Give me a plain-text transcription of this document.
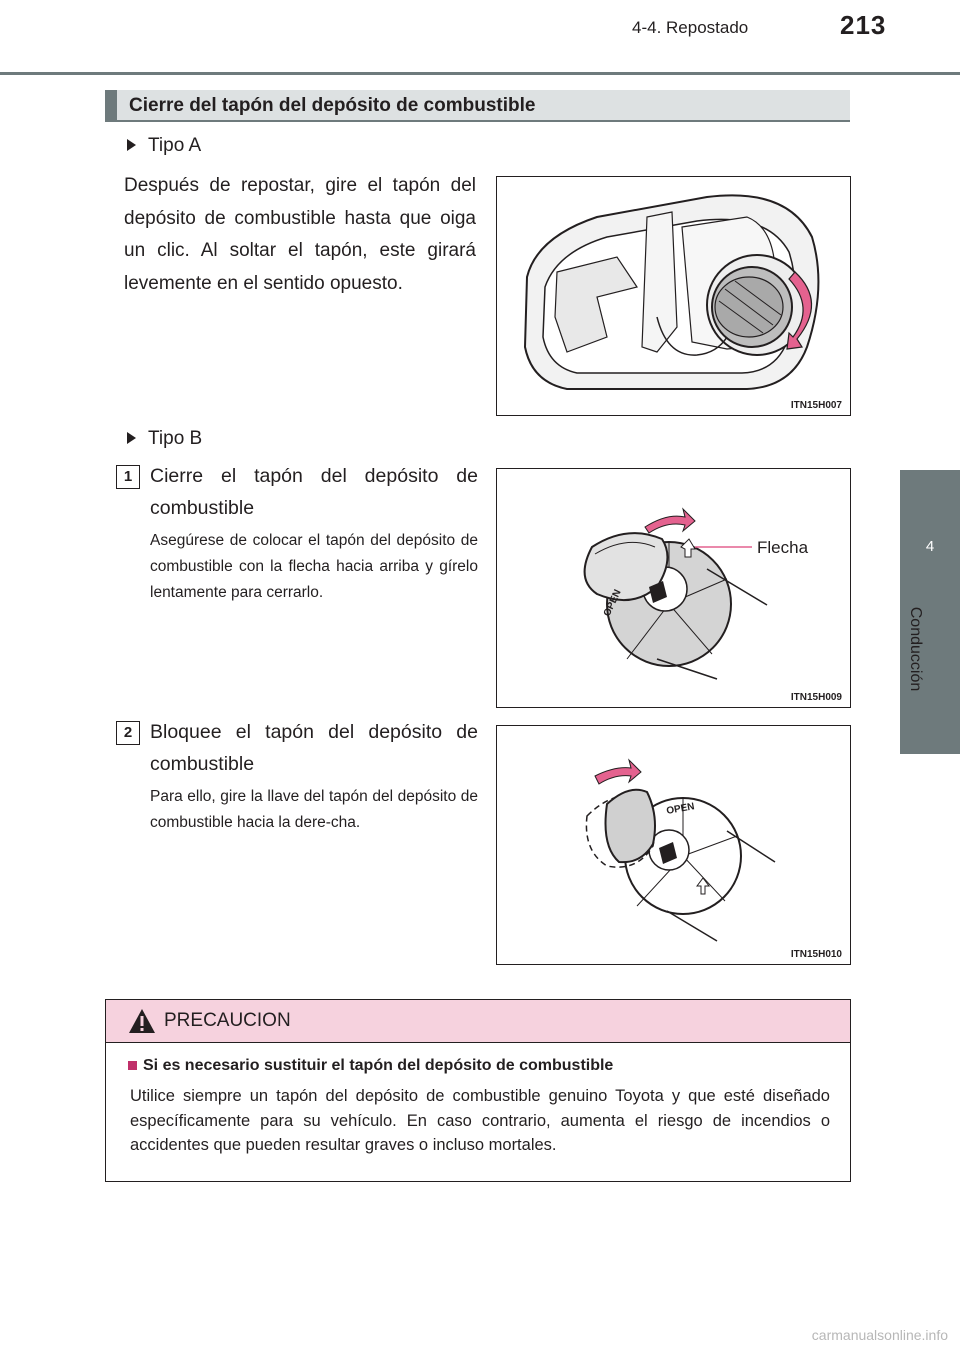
4-4. Repostado	213
4
Conducción
Cierre del tapón del depósito de combustible
Tipo A
Después de repostar, gire el tapón del depósito de combustible hasta que oiga un clic. Al soltar el tapón, este girará levemente en el sentido opuesto.
ITN15H007
Tipo B
1 Cierre el tapón del depósito de combustible
Asegúrese de colocar el tapón del depósito de combustible con la flecha hacia arriba y gírelo lentamente para cerrarlo.	OPEN
Flecha
ITN15H009
2 Bloquee el tapón del depósito de combustible
Para ello, gire la llave del tapón del depósito de combustible hacia la dere-cha.
OPEN
ITN15H010
PRECAUCION
Si es necesario sustituir el tapón del depósito de combustible
Utilice siempre un tapón del depósito de combustible genuino Toyota y que esté diseñado específicamente para su vehículo. En caso contrario, aumenta el riesgo de incendios o accidentes que pueden resultar graves o incluso mortales.
carmanualsonline.info
